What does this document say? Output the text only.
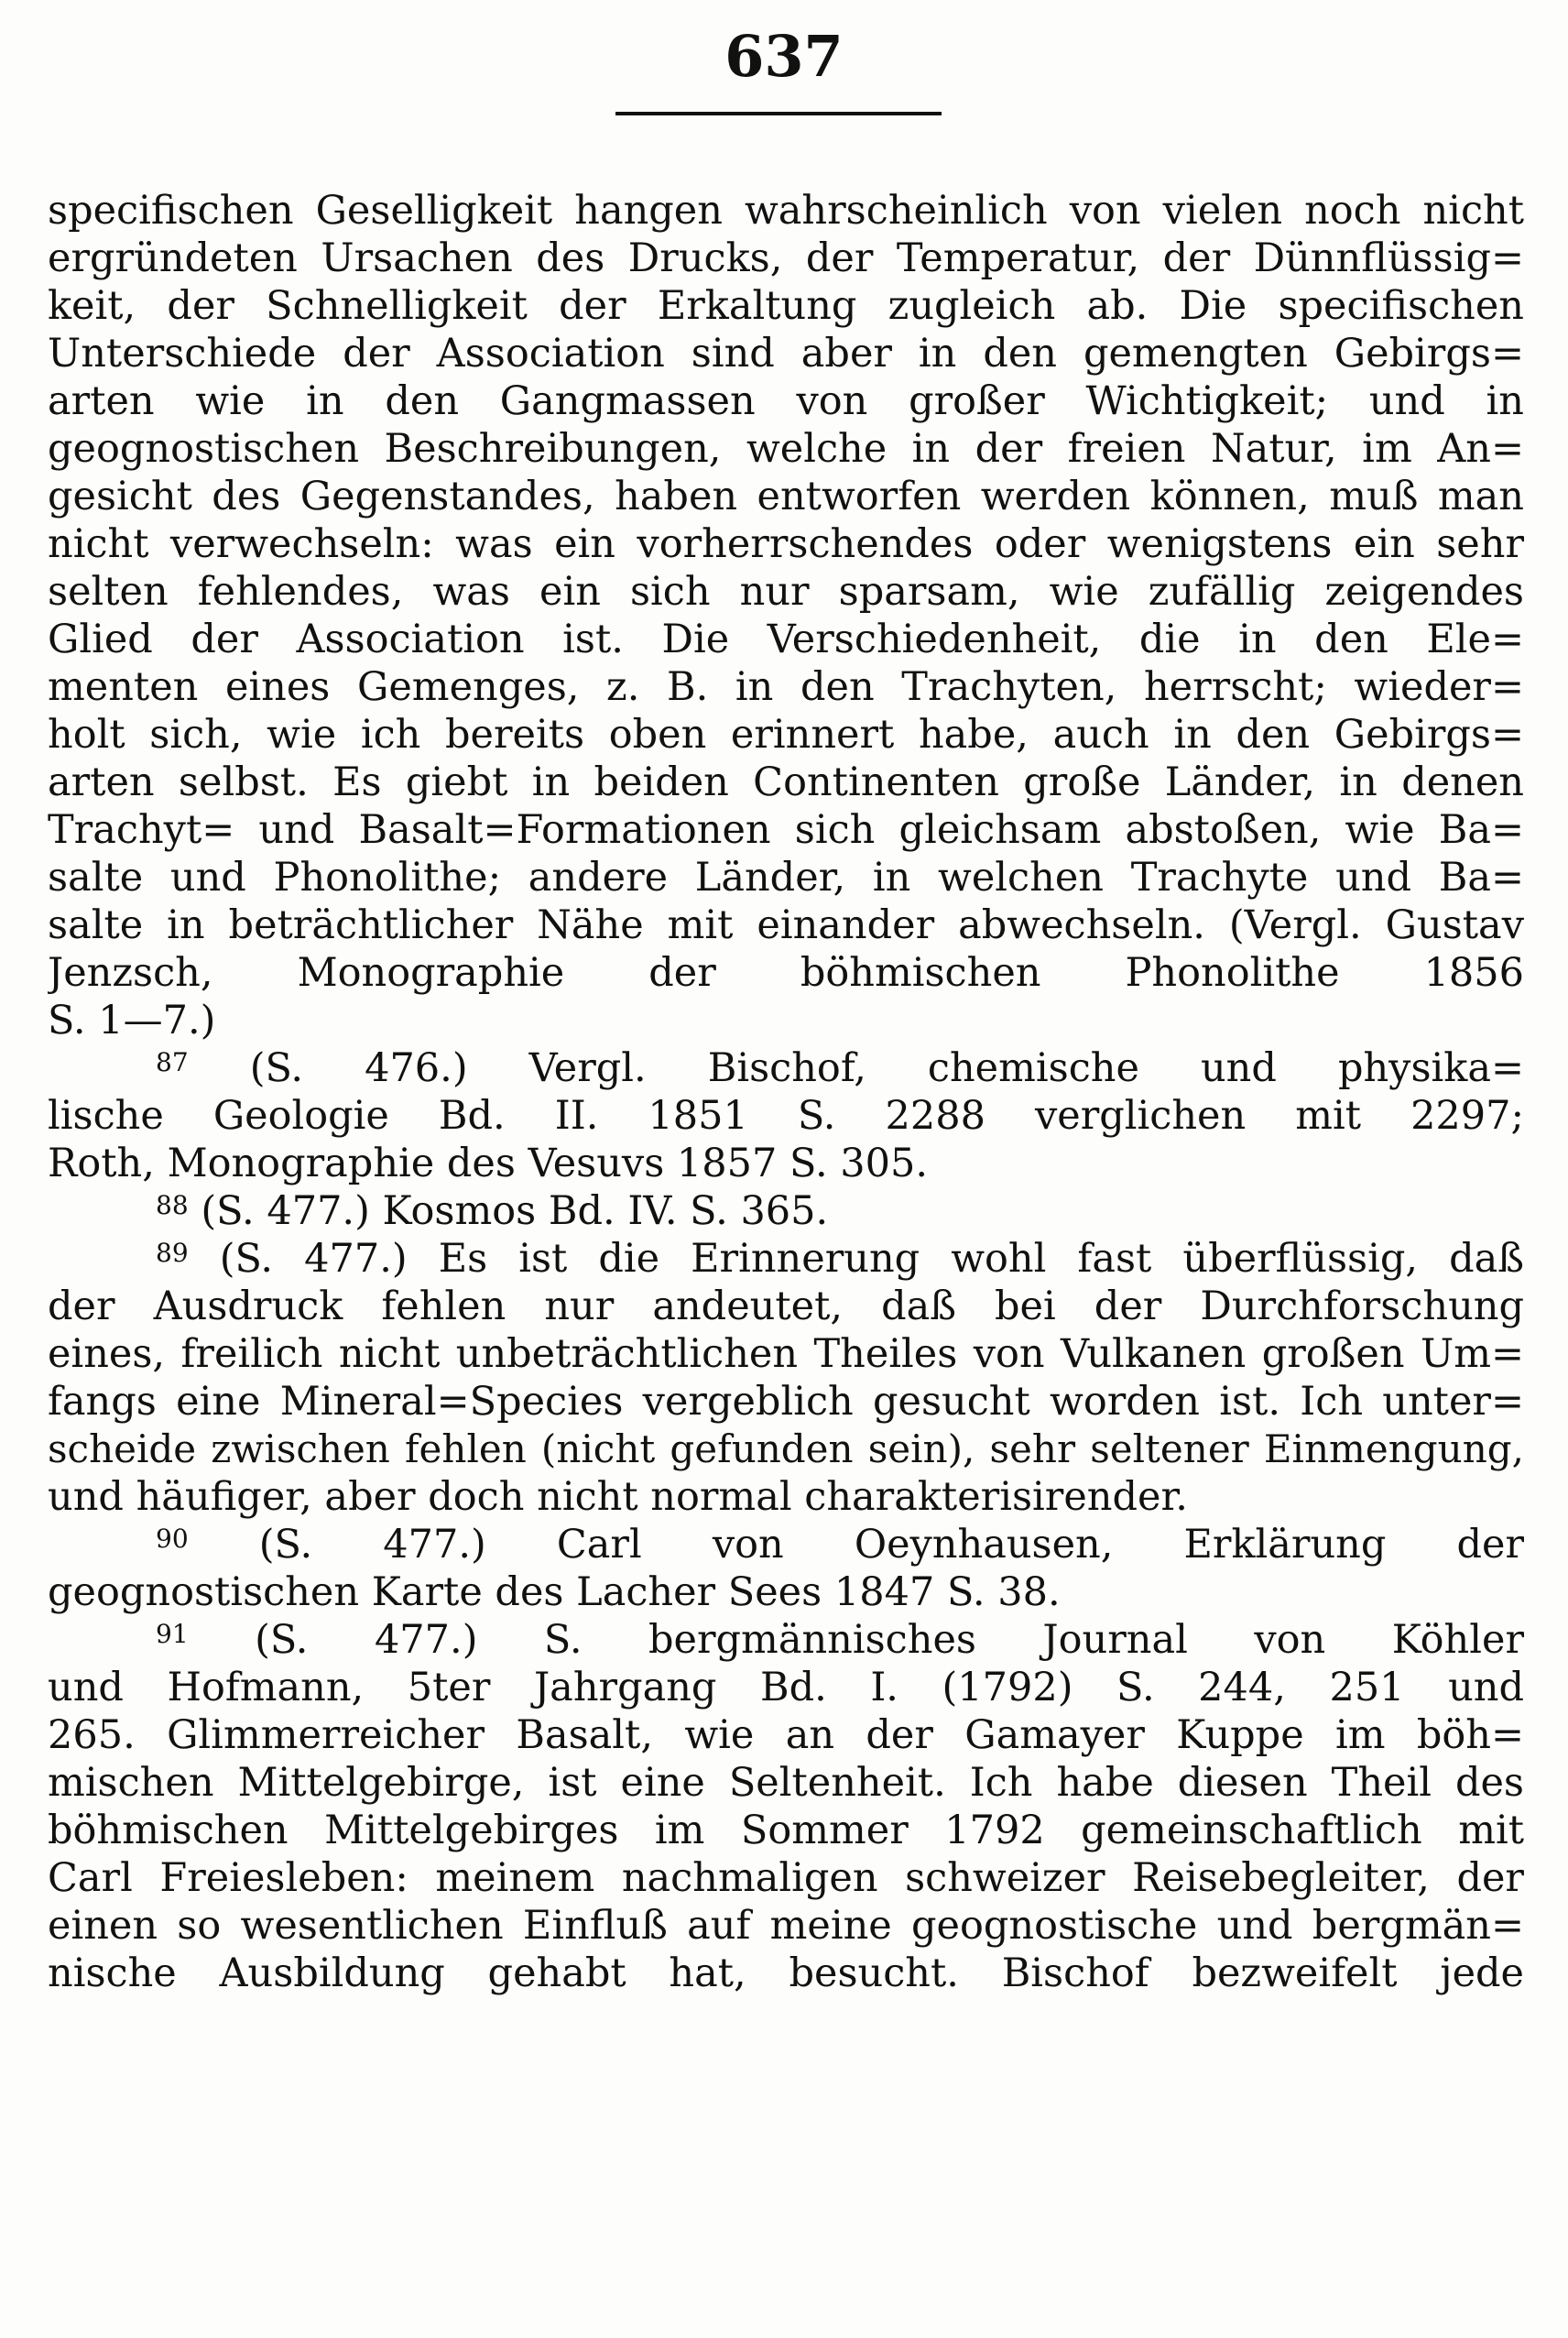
637
specifischen Geselligkeit hangen wahrscheinlich von vielen noch nicht
ergründeten Ursachen des Drucks, der Temperatur, der Dünnflüssig=
keit, der Schnelligkeit der Erkaltung zugleich ab. Die specifischen
Unterschiede der Association sind aber in den gemengten Gebirgs=
arten wie in den Gangmassen von großer Wichtigkeit; und in
geognostischen Beschreibungen, welche in der freien Natur, im An=
gesicht des Gegenstandes, haben entworfen werden können, muß man
nicht verwechseln: was ein vorherrschendes oder wenigstens ein sehr
selten fehlendes, was ein sich nur sparsam, wie zufällig zeigendes
Glied der Association ist. Die Verschiedenheit, die in den Ele=
menten eines Gemenges, z. B. in den Trachyten, herrscht; wieder=
holt sich, wie ich bereits oben erinnert habe, auch in den Gebirgs=
arten selbst. Es giebt in beiden Continenten große Länder, in denen
Trachyt= und Basalt=Formationen sich gleichsam abstoßen, wie Ba=
salte und Phonolithe; andere Länder, in welchen Trachyte und Ba=
salte in beträchtlicher Nähe mit einander abwechseln. (Vergl. Gustav
Jenzsch, Monographie der böhmischen Phonolithe 1856
S. 1—7.)
$^{87}$ (S. 476.) Vergl. Bischof, chemische und physika=
lische Geologie Bd. II. 1851 S. 2288 verglichen mit 2297;
Roth, Monographie des Vesuvs 1857 S. 305.
$^{88}$ (S. 477.) Kosmos Bd. IV. S. 365.
$^{89}$ (S. 477.) Es ist die Erinnerung wohl fast überflüssig, daß
der Ausdruck fehlen nur andeutet, daß bei der Durchforschung
eines, freilich nicht unbeträchtlichen Theiles von Vulkanen großen Um=
fangs eine Mineral=Species vergeblich gesucht worden ist. Ich unter=
scheide zwischen fehlen (nicht gefunden sein), sehr seltener Einmengung,
und häufiger, aber doch nicht normal charakterisirender.
$^{90}$ (S. 477.) Carl von Oeynhausen, Erklärung der
geognostischen Karte des Lacher Sees 1847 S. 38.
$^{91}$ (S. 477.) S. bergmännisches Journal von Köhler
und Hofmann, 5ter Jahrgang Bd. I. (1792) S. 244, 251 und
265. Glimmerreicher Basalt, wie an der Gamayer Kuppe im böh=
mischen Mittelgebirge, ist eine Seltenheit. Ich habe diesen Theil des
böhmischen Mittelgebirges im Sommer 1792 gemeinschaftlich mit
Carl Freiesleben: meinem nachmaligen schweizer Reisebegleiter, der
einen so wesentlichen Einfluß auf meine geognostische und bergmän=
nische Ausbildung gehabt hat, besucht. Bischof bezweifelt jede
